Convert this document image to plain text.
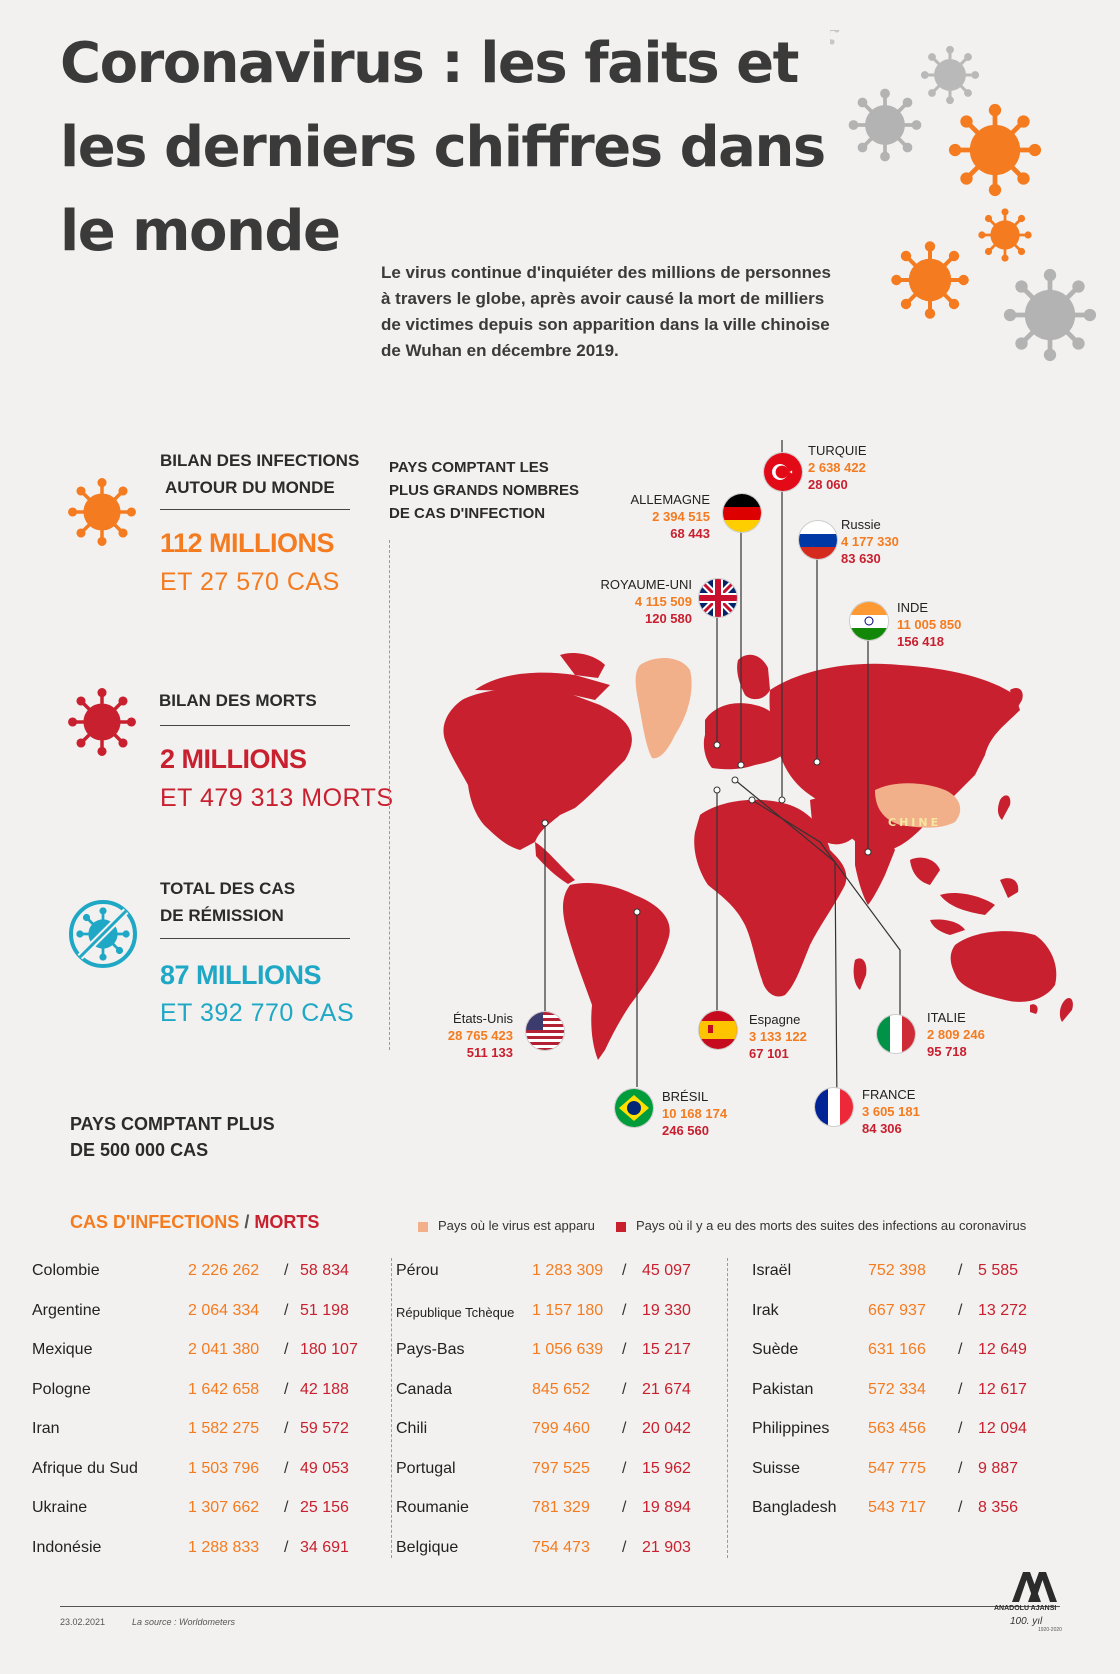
Coronavirus : les faits et les derniers chiffres dans le monde
Le virus continue d'inquiéter des millions de personnes à travers le globe, après avoir causé la mort de milliers de victimes depuis son apparition dans la ville chinoise de Wuhan en décembre 2019.
BILAN DES INFECTIONS
AUTOUR DU MONDE
112 MILLIONS
ET 27 570 CAS
BILAN DES MORTS
2 MILLIONS
ET 479 313 MORTS
TOTAL DES CAS
DE RÉMISSION
87 MILLIONS
ET 392 770 CAS
PAYS COMPTANT LES
PLUS GRANDS NOMBRES
DE CAS D'INFECTION
CHINE
TURQUIE
2 638 422
28 060
ALLEMAGNE
2 394 515
68 443
Russie
4 177 330
83 630
ROYAUME-UNI
4 115 509
120 580
INDE
11 005 850
156 418
États-Unis
28 765 423
511 133
Espagne
3 133 122
67 101
ITALIE
2 809 246
95 718
BRÉSIL
10 168 174
246 560
FRANCE
3 605 181
84 306
Pays où le virus est apparu	Pays où il y a eu des morts des suites des infections au coronavirus
PAYS COMPTANT PLUS
DE 500 000 CAS
CAS D'INFECTIONS / MORTS
Colombie	2 226 262 / 58 834
Argentine	2 064 334 / 51 198
Mexique	2 041 380 / 180 107
Pologne	1 642 658 / 42 188
Iran	1 582 275 / 59 572
Afrique du Sud	1 503 796 / 49 053
Ukraine	1 307 662 / 25 156
Indonésie	1 288 833 / 34 691
Pérou	1 283 309 / 45 097
République Tchèque 1 157 180 / 19 330
Pays-Bas	1 056 639 / 15 217
Canada	845 652 / 21 674
Chili	799 460 / 20 042
Portugal	797 525 / 15 962
Roumanie	781 329 / 19 894
Belgique	754 473 / 21 903
Israël	752 398 / 5 585
Irak	667 937 / 13 272
Suède	631 166 / 12 649
Pakistan	572 334 / 12 617
Philippines 563 456 / 12 094
Suisse	547 775 / 9 887
Bangladesh 543 717 / 8 356
23.02.2021	La source : Worldometers
ANADOLU AJANSI
100. yıl
1920-2020
